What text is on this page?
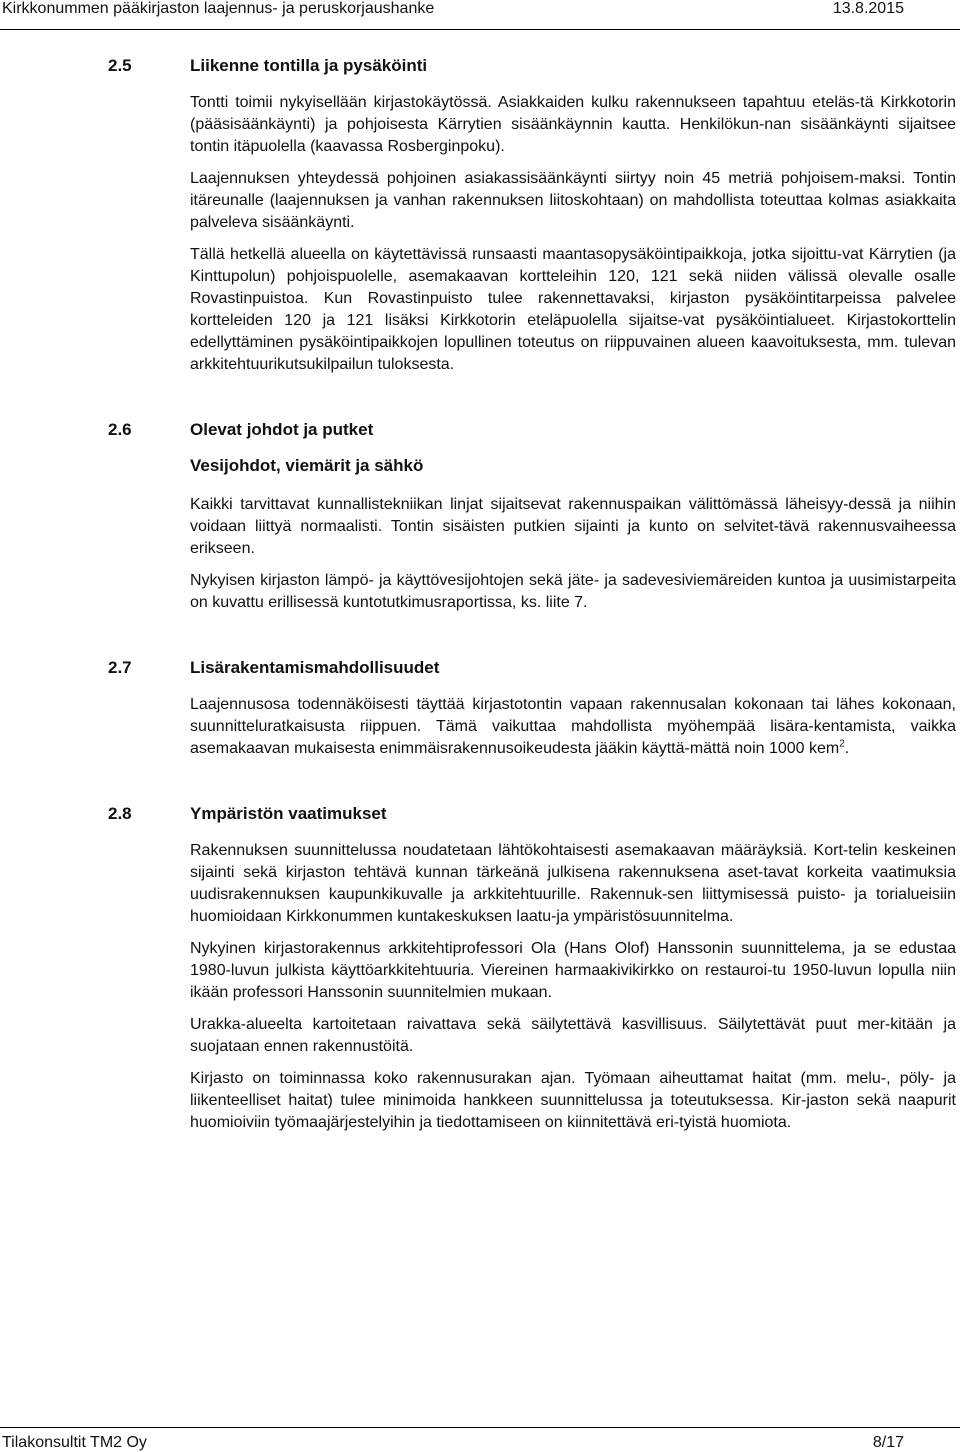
Kirkkonummen pääkirjaston laajennus- ja peruskorjaushanke	13.8.2015
2.5	Liikenne tontilla ja pysäköinti

Tontti toimii nykyisellään kirjastokäytössä. Asiakkaiden kulku rakennukseen tapahtuu eteläs-tä Kirkkotorin (pääsisäänkäynti) ja pohjoisesta Kärrytien sisäänkäynnin kautta. Henkilökun-nan sisäänkäynti sijaitsee tontin itäpuolella (kaavassa Rosberginpoku).

Laajennuksen yhteydessä pohjoinen asiakassisäänkäynti siirtyy noin 45 metriä pohjoisem-maksi. Tontin itäreunalle (laajennuksen ja vanhan rakennuksen liitoskohtaan) on mahdollista toteuttaa kolmas asiakkaita palveleva sisäänkäynti.

Tällä hetkellä alueella on käytettävissä runsaasti maantasopysäköintipaikkoja, jotka sijoittu-vat Kärrytien (ja Kinttupolun) pohjoispuolelle, asemakaavan kortteleihin 120, 121 sekä niiden välissä olevalle osalle Rovastinpuistoa. Kun Rovastinpuisto tulee rakennettavaksi, kirjaston pysäköintitarpeissa palvelee kortteleiden 120 ja 121 lisäksi Kirkkotorin eteläpuolella sijaitse-vat pysäköintialueet. Kirjastokorttelin edellyttäminen pysäköintipaikkojen lopullinen toteutus on riippuvainen alueen kaavoituksesta, mm. tulevan arkkitehtuurikutsukilpailun tuloksesta.

2.6	Olevat johdot ja putket
Vesijohdot, viemärit ja sähkö

Kaikki tarvittavat kunnallistekniikan linjat sijaitsevat rakennuspaikan välittömässä läheisyy-dessä ja niihin voidaan liittyä normaalisti. Tontin sisäisten putkien sijainti ja kunto on selvitet-tävä rakennusvaiheessa erikseen.

Nykyisen kirjaston lämpö- ja käyttövesijohtojen sekä jäte- ja sadevesiviemäreiden kuntoa ja uusimistarpeita on kuvattu erillisessä kuntotutkimusraportissa, ks. liite 7.

2.7	Lisärakentamismahdollisuudet

Laajennusosa todennäköisesti täyttää kirjastotontin vapaan rakennusalan kokonaan tai lähes kokonaan, suunnitteluratkaisusta riippuen. Tämä vaikuttaa mahdollista myöhempää lisära-kentamista, vaikka asemakaavan mukaisesta enimmäisrakennusoikeudesta jääkin käyttä-mättä noin 1000 kem$^2$.

2.8	Ympäristön vaatimukset

Rakennuksen suunnittelussa noudatetaan lähtökohtaisesti asemakaavan määräyksiä. Kort-telin keskeinen sijainti sekä kirjaston tehtävä kunnan tärkeänä julkisena rakennuksena aset-tavat korkeita vaatimuksia uudisrakennuksen kaupunkikuvalle ja arkkitehtuurille. Rakennuk-sen liittymisessä puisto- ja torialueisiin huomioidaan Kirkkonummen kuntakeskuksen laatu-ja ympäristösuunnitelma.

Nykyinen kirjastorakennus arkkitehtiprofessori Ola (Hans Olof) Hanssonin suunnittelema, ja se edustaa 1980-luvun julkista käyttöarkkitehtuuria. Viereinen harmaakivikirkko on restauroi-tu 1950-luvun lopulla niin ikään professori Hanssonin suunnitelmien mukaan.

Urakka-alueelta kartoitetaan raivattava sekä säilytettävä kasvillisuus. Säilytettävät puut mer-kitään ja suojataan ennen rakennustöitä.

Kirjasto on toiminnassa koko rakennusurakan ajan. Työmaan aiheuttamat haitat (mm. melu-, pöly- ja liikenteelliset haitat) tulee minimoida hankkeen suunnittelussa ja toteutuksessa. Kir-jaston sekä naapurit huomioiviin työmaajärjestelyihin ja tiedottamiseen on kiinnitettävä eri-tyistä huomiota.

Tilakonsultit TM2 Oy	8/17
